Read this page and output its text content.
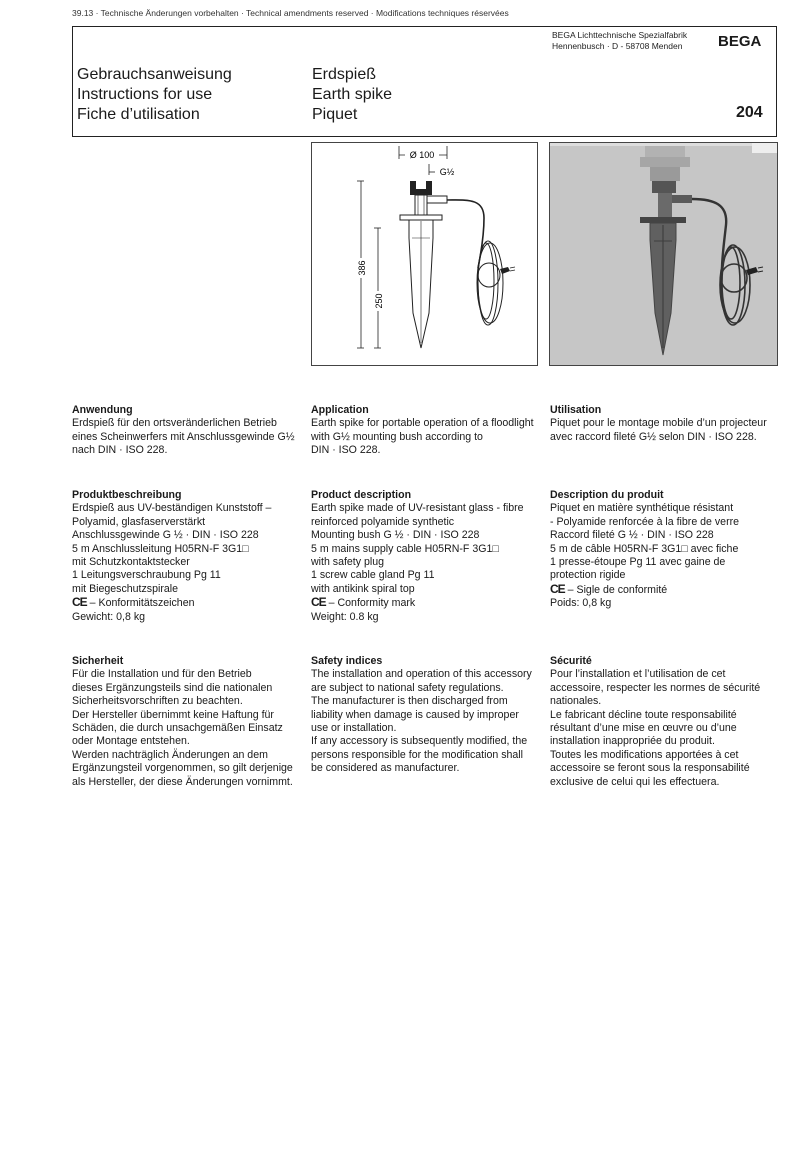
39.13 · Technische Änderungen vorbehalten · Technical amendments reserved · Modifications techniques réservées
BEGA Lichttechnische Spezialfabrik
Hennenbusch · D - 58708 Menden	BEGA
Gebrauchsanweisung
Instructions for use
Fiche d’utilisation
Erdspieß
Earth spike
Piquet	204
Ø 100
G½
386
250
Anwendung

Erdspieß für den ortsveränderlichen Betrieb
eines Scheinwerfers mit Anschlussgewinde G½
nach DIN · ISO 228.

Application

Earth spike for portable operation of a floodlight
with G½ mounting bush according to
DIN · ISO 228.

Utilisation

Piquet pour le montage mobile d’un projecteur
avec raccord fileté G½ selon DIN · ISO 228.

Produktbeschreibung

Erdspieß aus UV-beständigen Kunststoff –
Polyamid, glasfaserverstärkt
Anschlussgewinde G ½ · DIN · ISO 228
5 m Anschlussleitung H05RN-F 3G1□
mit Schutzkontaktstecker
1 Leitungsverschraubung Pg 11
mit Biegeschutzspirale
CE – Konformitätszeichen
Gewicht: 0,8 kg

Product description

Earth spike made of UV-resistant glass - fibre
reinforced polyamide synthetic
Mounting bush G ½ · DIN · ISO 228
5 m mains supply cable H05RN-F 3G1□
with safety plug
1 screw cable gland Pg 11
with antikink spiral top
CE – Conformity mark
Weight: 0.8 kg

Description du produit

Piquet en matière synthétique résistant
- Polyamide renforcée à la fibre de verre
Raccord fileté G ½ · DIN · ISO 228
5 m de câble H05RN-F 3G1□ avec fiche
1 presse-étoupe Pg 11 avec gaine de
protection rigide
CE – Sigle de conformité
Poids: 0,8 kg

Sicherheit

Für die Installation und für den Betrieb
dieses Ergänzungsteils sind die nationalen
Sicherheitsvorschriften zu beachten.
Der Hersteller übernimmt keine Haftung für
Schäden, die durch unsachgemäßen Einsatz
oder Montage entstehen.
Werden nachträglich Änderungen an dem
Ergänzungsteil vorgenommen, so gilt derjenige
als Hersteller, der diese Änderungen vornimmt.

Safety indices

The installation and operation of this accessory
are subject to national safety regulations.
The manufacturer is then discharged from
liability when damage is caused by improper
use or installation.
If any accessory is subsequently modified, the
persons responsible for the modification shall
be considered as manufacturer.

Sécurité

Pour l’installation et l’utilisation de cet
accessoire, respecter les normes de sécurité
nationales.
Le fabricant décline toute responsabilité
résultant d’une mise en œuvre ou d’une
installation inappropriée du produit.
Toutes les modifications apportées à cet
accessoire se feront sous la responsabilité
exclusive de celui qui les effectuera.
